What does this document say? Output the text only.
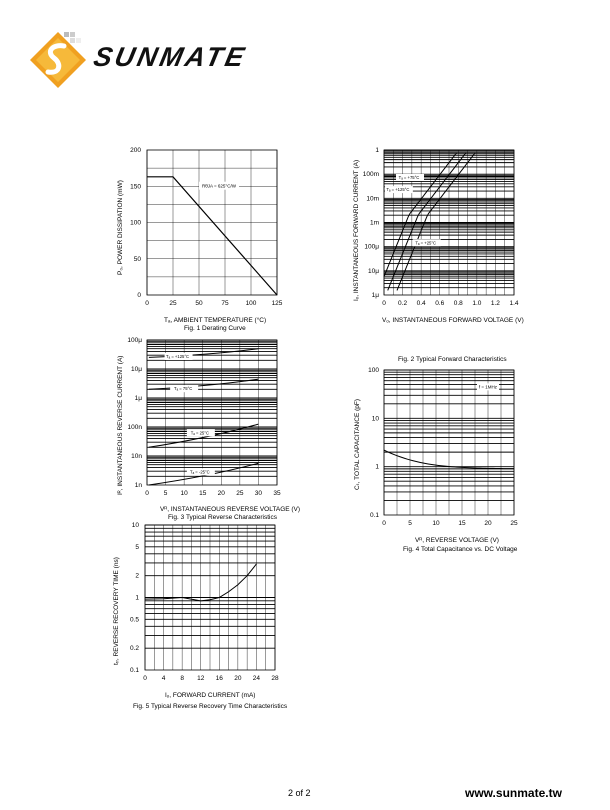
SUNMATE
P₀, POWER DISSIPATION (mW)
0	25	50	75	100 125
0
50
100
150
200
RθJA = 625°C/W
Tₐ, AMBIENT TEMPERATURE (°C)
Fig. 1 Derating Curve
Iₒ, INSTANTANEOUS FORWARD CURRENT (A)
0 0.2 0.4 0.6 0.8 1.0 1.2 1.4
1μ
10μ
100μ
1m
10m
100m
1
Tₐ = +75°C
Tₐ = +125°C
Tₐ = +25°C
Vₒ, INSTANTANEOUS FORWARD VOLTAGE (V)
Fig. 2 Typical Forward Characteristics
Iᴿ, INSTANTANEOUS REVERSE CURRENT (A)	0 5 10 15 20 25 30 35
1n
10n
100n
1μ
10μ
100μ
Tₐ = +125°C
Tₐ = 75°C
Tₐ = 25°C
Tₐ = -25°C
Vᴿ, INSTANTANEOUS REVERSE VOLTAGE (V)
Fig. 3 Typical Reverse Characteristics
Cₜ, TOTAL CAPACITANCE (pF)
0	5	10	15	20	25
0.1
1
10
100
f = 1MHz
Vᴿ, REVERSE VOLTAGE (V)
Fig. 4 Total Capacitance vs. DC Voltage
tᵣᵣ, REVERSE RECOVERY TIME (ns)
0 4 8 12 16 20 24 28
0.1
0.2
0.5
1
2
5
10
Iₒ, FORWARD CURRENT (mA)
Fig. 5 Typical Reverse Recovery Time Characteristics
2 of 2	www.sunmate.tw
